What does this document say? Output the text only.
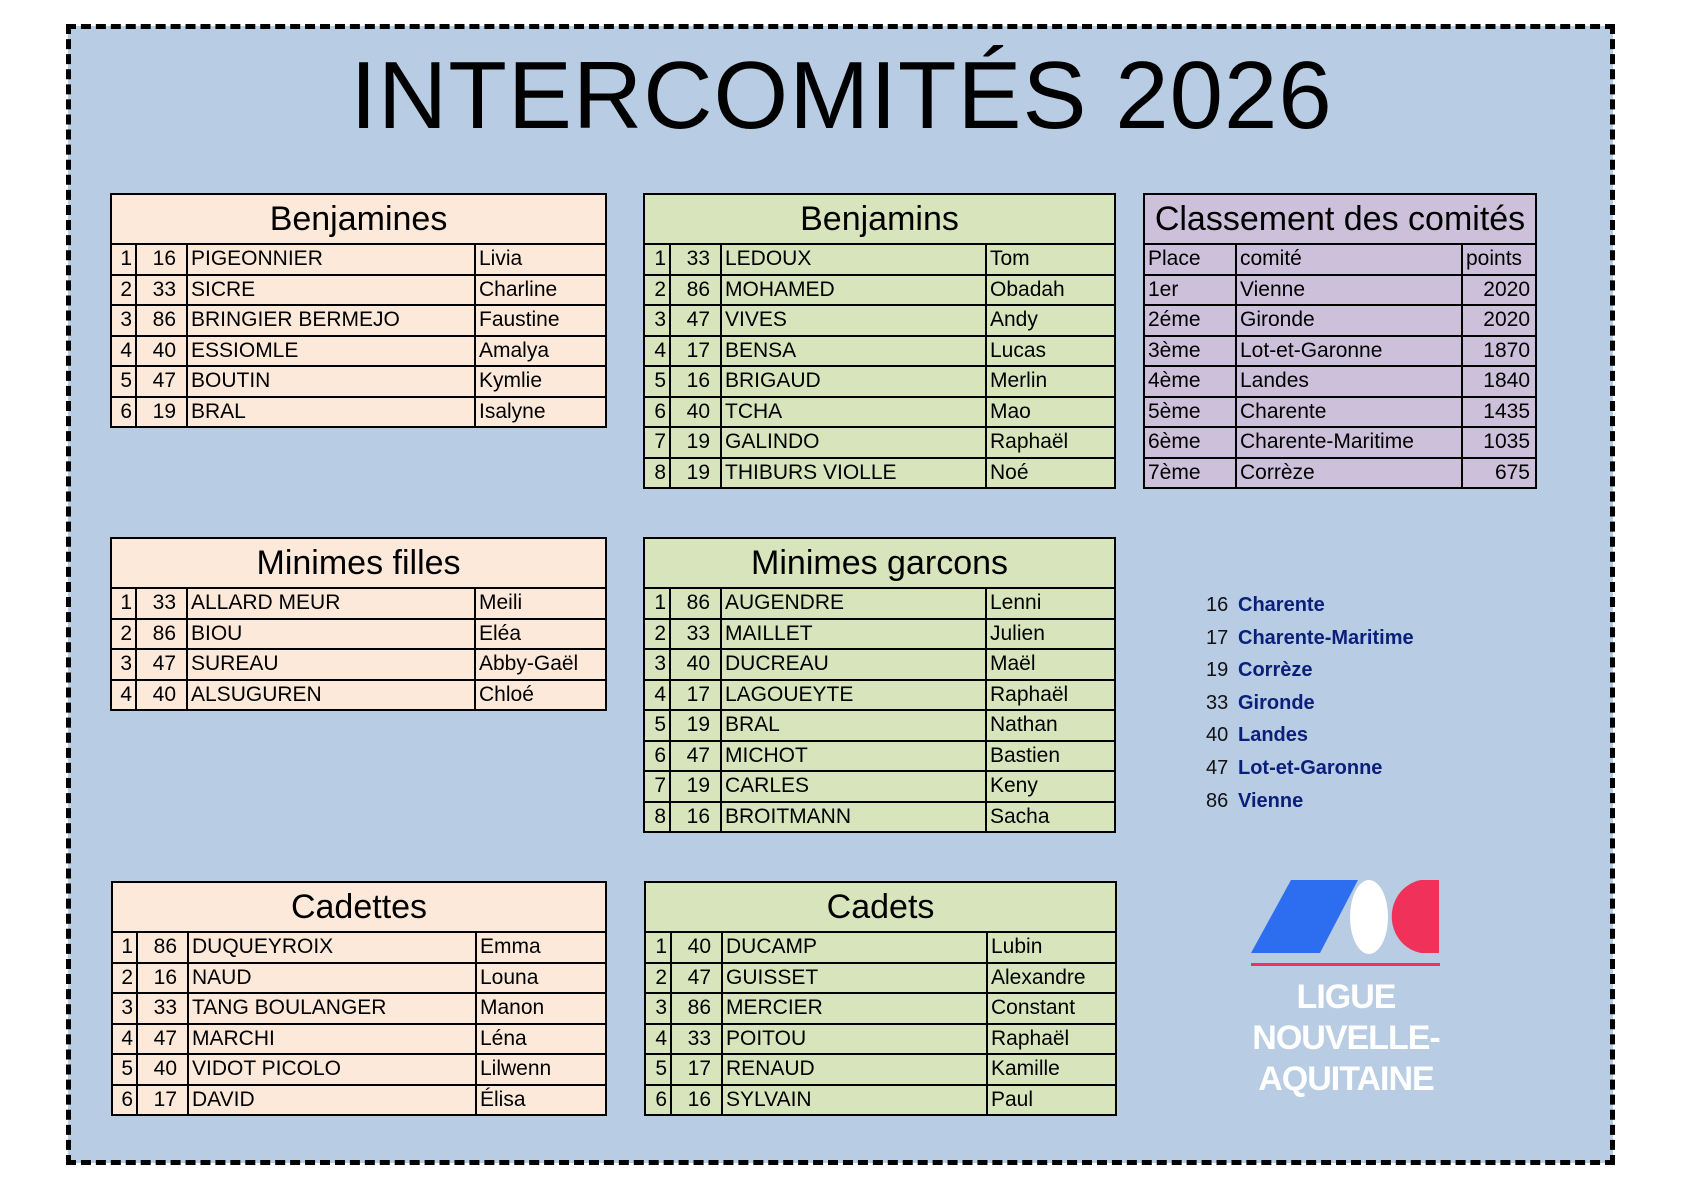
INTERCOMITÉS 2026
Benjamines			
1	16	PIGEONNIER	Livia
2	33	SICRE	Charline
3	86	BRINGIER BERMEJO	Faustine
4	40	ESSIOMLE	Amalya
5	47	BOUTIN	Kymlie
6	19	BRAL	Isalyne
Benjamins			
1	33	LEDOUX	Tom
2	86	MOHAMED	Obadah
3	47	VIVES	Andy
4	17	BENSA	Lucas
5	16	BRIGAUD	Merlin
6	40	TCHA	Mao
7	19	GALINDO	Raphaël
8	19	THIBURS VIOLLE	Noé
Classement des comités		
Place	comité	points
1er	Vienne	2020
2éme	Gironde	2020
3ème	Lot-et-Garonne	1870
4ème	Landes	1840
5ème	Charente	1435
6ème	Charente-Maritime	1035
7ème	Corrèze	675
Minimes filles			
1	33	ALLARD MEUR	Meili
2	86	BIOU	Eléa
3	47	SUREAU	Abby-Gaël
4	40	ALSUGUREN	Chloé
Minimes garcons			
1	86	AUGENDRE	Lenni
2	33	MAILLET	Julien
3	40	DUCREAU	Maël
4	17	LAGOUEYTE	Raphaël
5	19	BRAL	Nathan
6	47	MICHOT	Bastien
7	19	CARLES	Keny
8	16	BROITMANN	Sacha
16 Charente
17 Charente-Maritime
19 Corrèze
33 Gironde
40 Landes
47 Lot-et-Garonne
86 Vienne
Cadettes			
1	86	DUQUEYROIX	Emma
2	16	NAUD	Louna
3	33	TANG BOULANGER	Manon
4	47	MARCHI	Léna
5	40	VIDOT PICOLO	Lilwenn
6	17	DAVID	Élisa
Cadets			
1	40	DUCAMP	Lubin
2	47	GUISSET	Alexandre
3	86	MERCIER	Constant
4	33	POITOU	Raphaël
5	17	RENAUD	Kamille
6	16	SYLVAIN	Paul
LIGUE
NOUVELLE-
AQUITAINE
